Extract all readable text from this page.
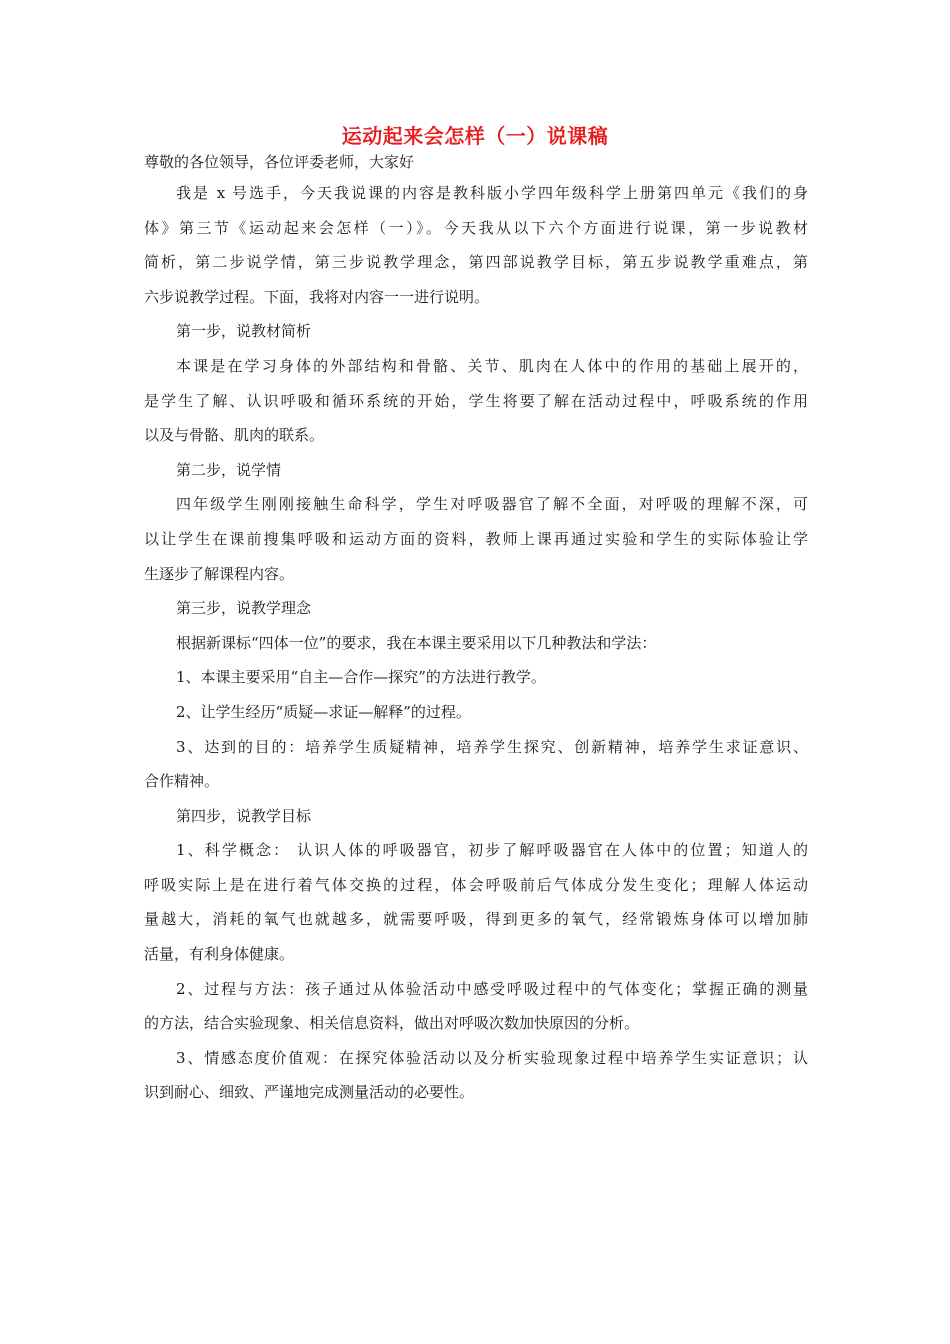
运动起来会怎样（一）说课稿
尊敬的各位领导，各位评委老师，大家好
我是 x 号选手，今天我说课的内容是教科版小学四年级科学上册第四单元《我们的身
体》第三节《运动起来会怎样（一）》。今天我从以下六个方面进行说课，第一步说教材
简析，第二步说学情，第三步说教学理念，第四部说教学目标，第五步说教学重难点，第
六步说教学过程。下面，我将对内容一一进行说明。
第一步，说教材简析
本课是在学习身体的外部结构和骨骼、关节、肌肉在人体中的作用的基础上展开的，
是学生了解、认识呼吸和循环系统的开始，学生将要了解在活动过程中，呼吸系统的作用
以及与骨骼、肌肉的联系。
第二步，说学情
四年级学生刚刚接触生命科学，学生对呼吸器官了解不全面，对呼吸的理解不深，可
以让学生在课前搜集呼吸和运动方面的资料，教师上课再通过实验和学生的实际体验让学
生逐步了解课程内容。
第三步，说教学理念
根据新课标“四体一位”的要求，我在本课主要采用以下几种教法和学法：
1、本课主要采用“自主—合作—探究”的方法进行教学。
2、让学生经历“质疑—求证—解释”的过程。
3、达到的目的：培养学生质疑精神，培养学生探究、创新精神，培养学生求证意识、
合作精神。
第四步，说教学目标
1、科学概念： 认识人体的呼吸器官，初步了解呼吸器官在人体中的位置；知道人的
呼吸实际上是在进行着气体交换的过程，体会呼吸前后气体成分发生变化；理解人体运动
量越大，消耗的氧气也就越多，就需要呼吸，得到更多的氧气，经常锻炼身体可以增加肺
活量，有利身体健康。
2、过程与方法：孩子通过从体验活动中感受呼吸过程中的气体变化；掌握正确的测量
的方法，结合实验现象、相关信息资料，做出对呼吸次数加快原因的分析。
3、情感态度价值观：在探究体验活动以及分析实验现象过程中培养学生实证意识；认
识到耐心、细致、严谨地完成测量活动的必要性。
